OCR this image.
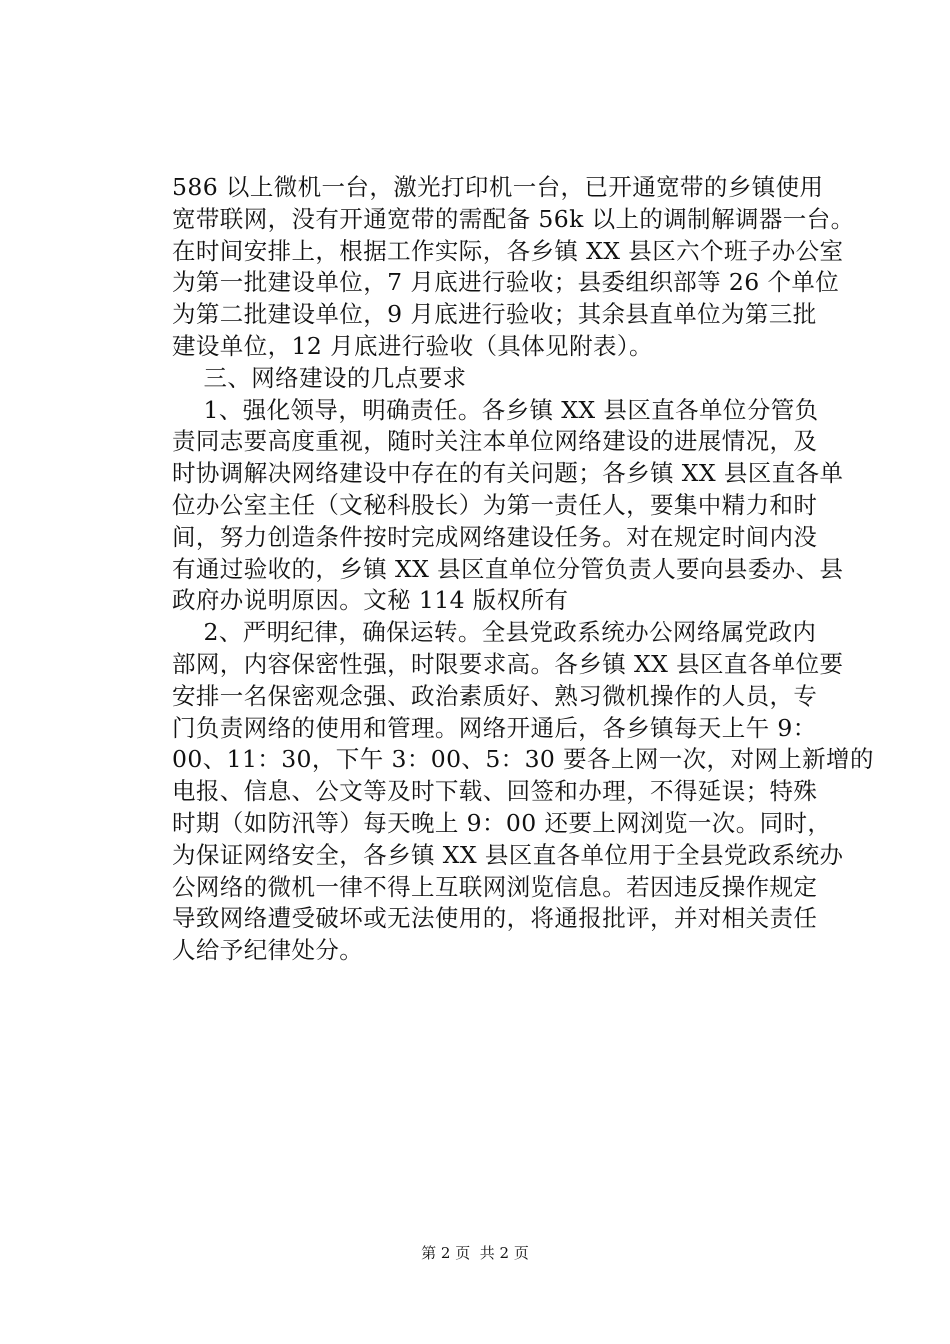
586 以上微机一台，激光打印机一台，已开通宽带的乡镇使用
宽带联网，没有开通宽带的需配备 56k 以上的调制解调器一台。
在时间安排上，根据工作实际，各乡镇 XX 县区六个班子办公室
为第一批建设单位，7 月底进行验收；县委组织部等 26 个单位
为第二批建设单位，9 月底进行验收；其余县直单位为第三批
建设单位，12 月底进行验收（具体见附表）。
三、网络建设的几点要求
1、强化领导，明确责任。各乡镇 XX 县区直各单位分管负
责同志要高度重视，随时关注本单位网络建设的进展情况，及
时协调解决网络建设中存在的有关问题；各乡镇 XX 县区直各单
位办公室主任（文秘科股长）为第一责任人，要集中精力和时
间，努力创造条件按时完成网络建设任务。对在规定时间内没
有通过验收的，乡镇 XX 县区直单位分管负责人要向县委办、县
政府办说明原因。文秘 114 版权所有
2、严明纪律，确保运转。全县党政系统办公网络属党政内
部网，内容保密性强，时限要求高。各乡镇 XX 县区直各单位要
安排一名保密观念强、政治素质好、熟习微机操作的人员，专
门负责网络的使用和管理。网络开通后，各乡镇每天上午 9：
00、11：30，下午 3：00、5：30 要各上网一次，对网上新增的
电报、信息、公文等及时下载、回签和办理，不得延误；特殊
时期（如防汛等）每天晚上 9：00 还要上网浏览一次。同时，
为保证网络安全，各乡镇 XX 县区直各单位用于全县党政系统办
公网络的微机一律不得上互联网浏览信息。若因违反操作规定
导致网络遭受破坏或无法使用的，将通报批评，并对相关责任
人给予纪律处分。
第 2 页  共 2 页
